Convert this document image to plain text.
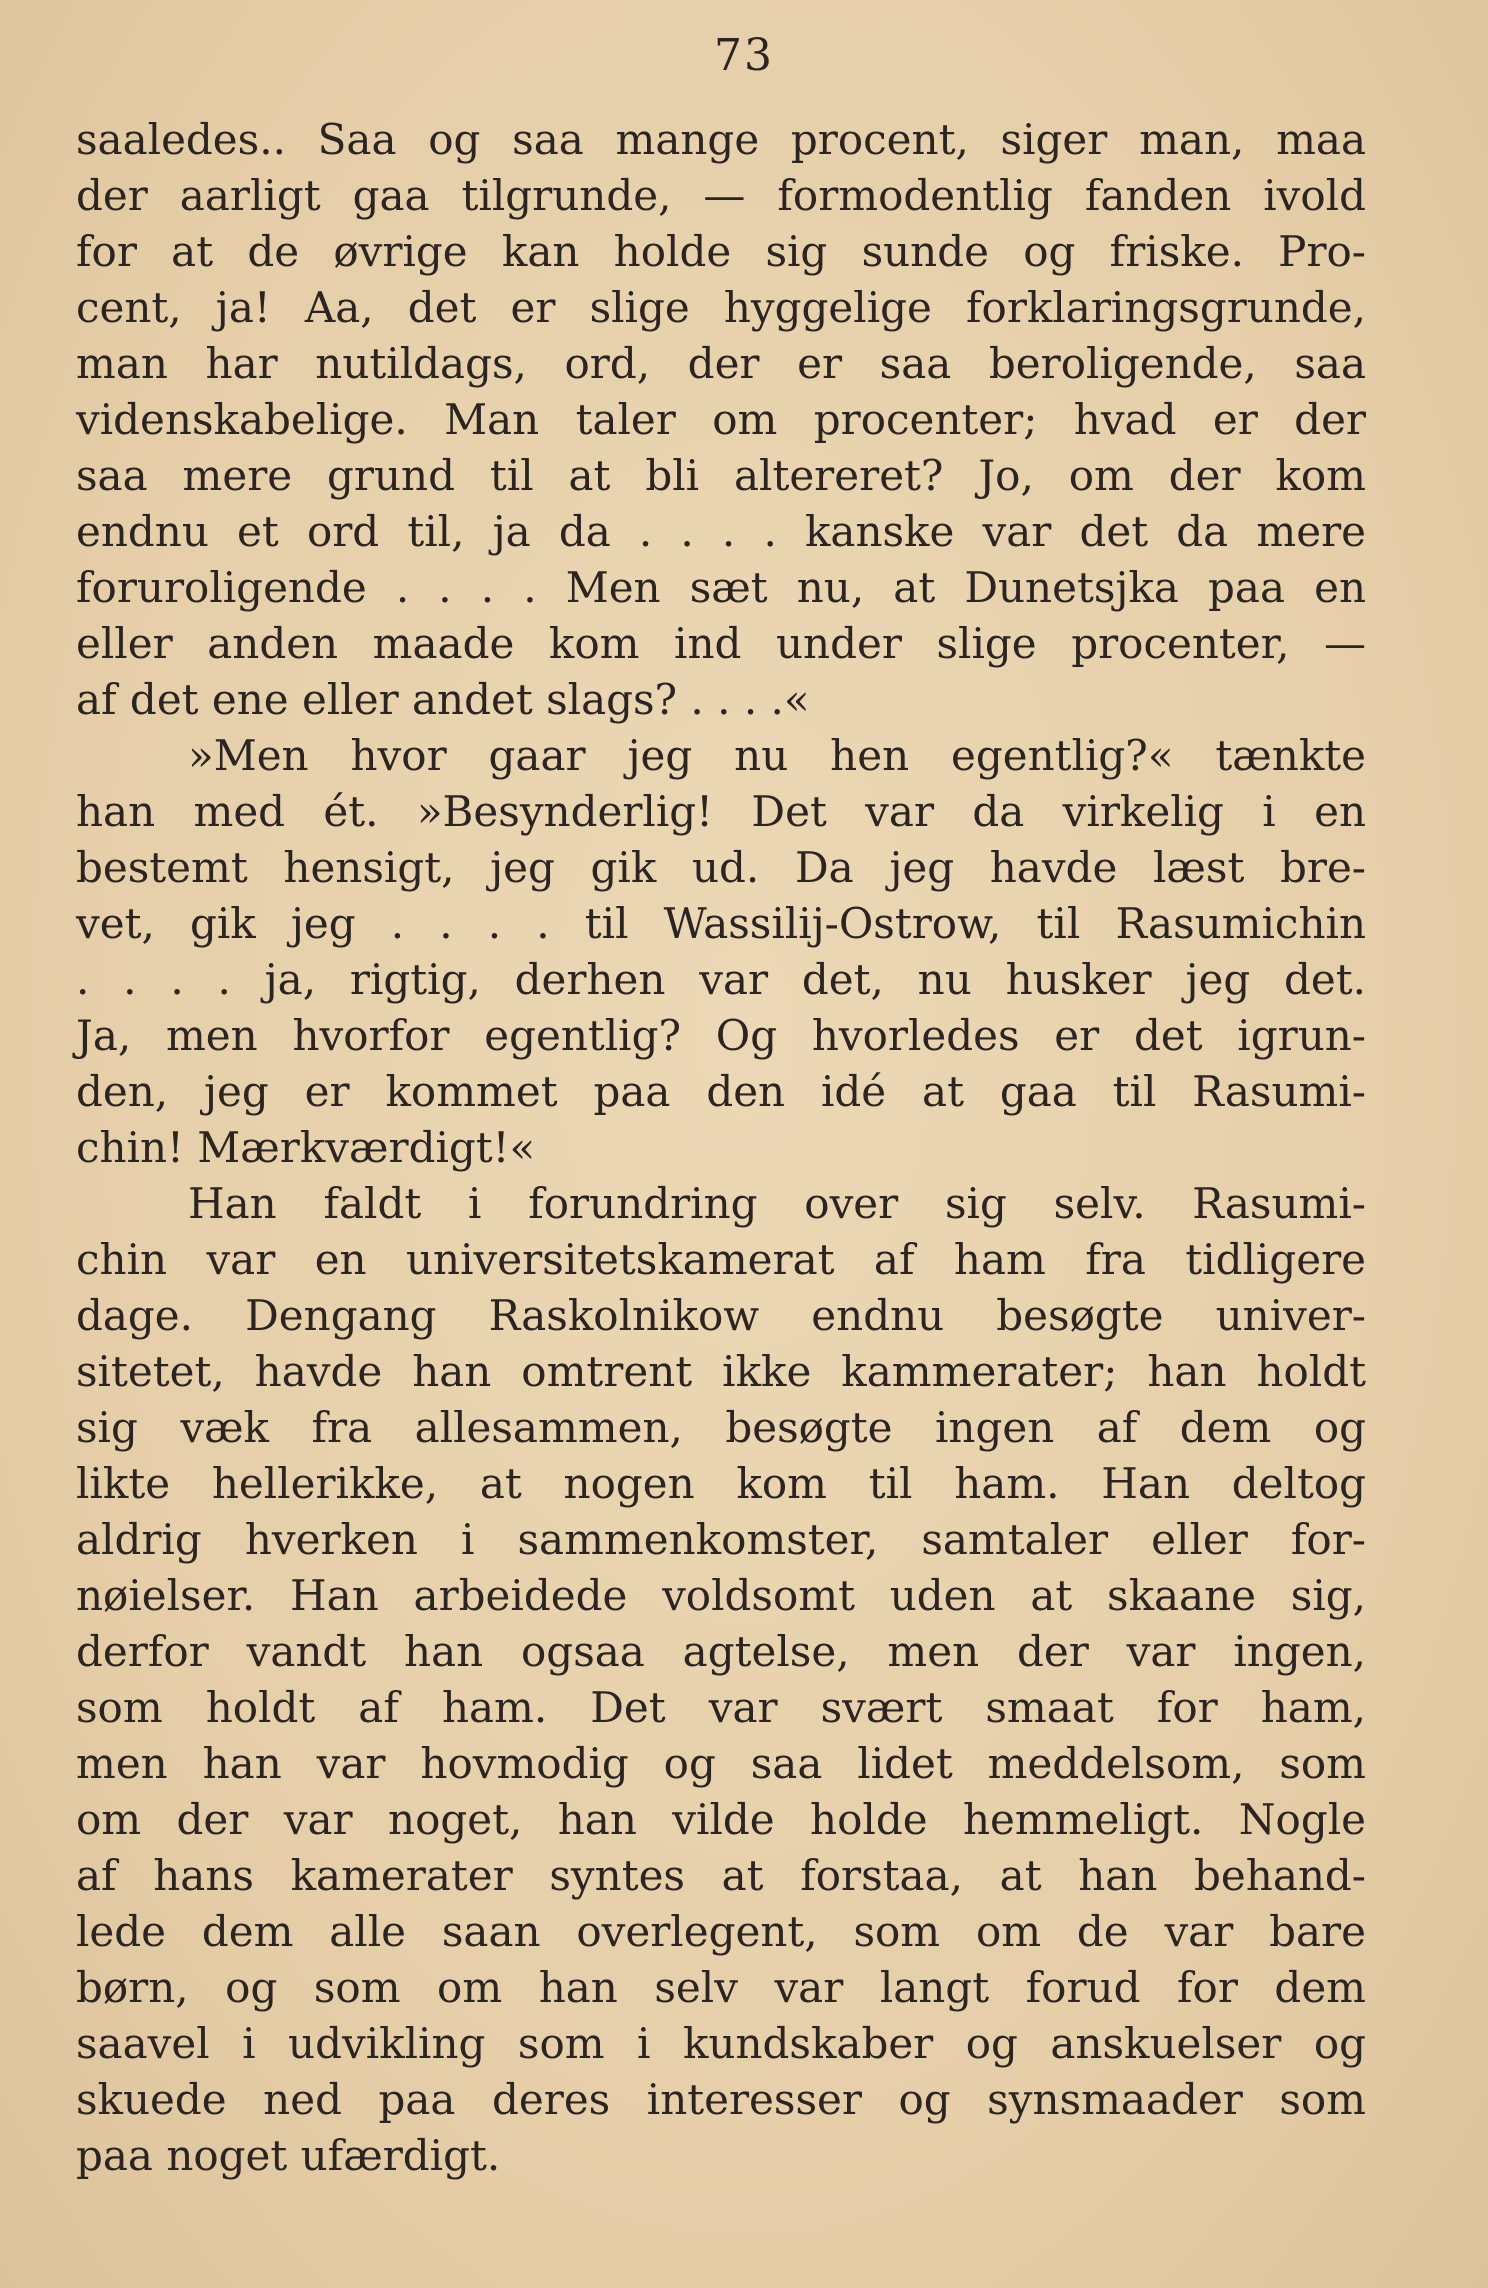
73
saaledes.. Saa og saa mange procent, siger man, maa
der aarligt gaa tilgrunde, — formodentlig fanden ivold
for at de øvrige kan holde sig sunde og friske. Pro-
cent, ja! Aa, det er slige hyggelige forklaringsgrunde,
man har nutildags, ord, der er saa beroligende, saa
videnskabelige. Man taler om procenter; hvad er der
saa mere grund til at bli altereret? Jo, om der kom
endnu et ord til, ja da . . . . kanske var det da mere
foruroligende . . . . Men sæt nu, at Dunetsjka paa en
eller anden maade kom ind under slige procenter, —
af det ene eller andet slags? . . . .«
»Men hvor gaar jeg nu hen egentlig?« tænkte
han med ét. »Besynderlig! Det var da virkelig i en
bestemt hensigt, jeg gik ud. Da jeg havde læst bre-
vet, gik jeg . . . . til Wassilij-Ostrow, til Rasumichin
. . . . ja, rigtig, derhen var det, nu husker jeg det.
Ja, men hvorfor egentlig? Og hvorledes er det igrun-
den, jeg er kommet paa den idé at gaa til Rasumi-
chin! Mærkværdigt!«
Han faldt i forundring over sig selv. Rasumi-
chin var en universitetskamerat af ham fra tidligere
dage. Dengang Raskolnikow endnu besøgte univer-
sitetet, havde han omtrent ikke kammerater; han holdt
sig væk fra allesammen, besøgte ingen af dem og
likte hellerikke, at nogen kom til ham. Han deltog
aldrig hverken i sammenkomster, samtaler eller for-
nøielser. Han arbeidede voldsomt uden at skaane sig,
derfor vandt han ogsaa agtelse, men der var ingen,
som holdt af ham. Det var svært smaat for ham,
men han var hovmodig og saa lidet meddelsom, som
om der var noget, han vilde holde hemmeligt. Nogle
af hans kamerater syntes at forstaa, at han behand-
lede dem alle saan overlegent, som om de var bare
børn, og som om han selv var langt forud for dem
saavel i udvikling som i kundskaber og anskuelser og
skuede ned paa deres interesser og synsmaader som
paa noget ufærdigt.
